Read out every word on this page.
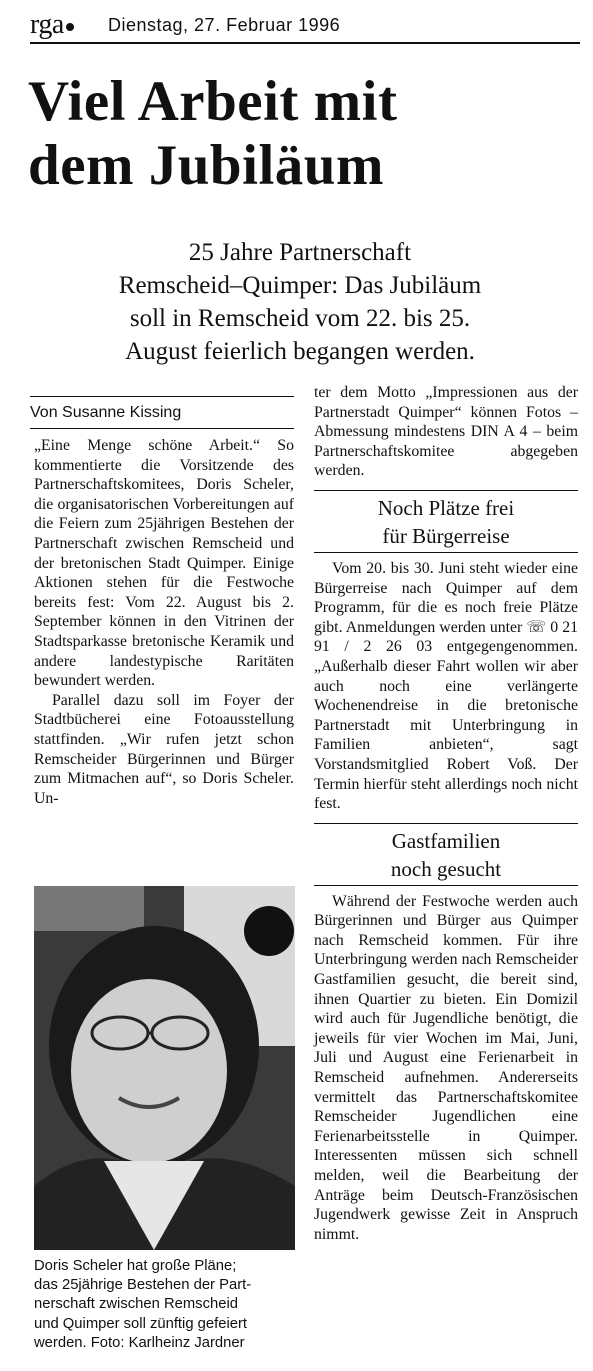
rga	Dienstag, 27. Februar 1996
Viel Arbeit mit
dem Jubiläum
25 Jahre Partnerschaft
Remscheid–Quimper: Das Jubiläum
soll in Remscheid vom 22. bis 25.
August feierlich begangen werden.
Von Susanne Kissing

„Eine Menge schöne Arbeit.“ So kommentierte die Vorsitzende des Partnerschaftskomitees, Doris Scheler, die organisatorischen Vorbereitungen auf die Feiern zum 25jährigen Bestehen der Partnerschaft zwischen Remscheid und der bretonischen Stadt Quimper. Einige Aktionen stehen für die Festwoche bereits fest: Vom 22. August bis 2. September können in den Vitrinen der Stadtsparkasse bretonische Keramik und andere landestypische Raritäten bewundert werden.

Parallel dazu soll im Foyer der Stadtbücherei eine Fotoausstellung stattfinden. „Wir rufen jetzt schon Remscheider Bürgerinnen und Bürger zum Mitmachen auf“, so Doris Scheler. Un-

Doris Scheler hat große Pläne;
das 25jährige Bestehen der Part-
nerschaft zwischen Remscheid
und Quimper soll zünftig gefeiert
werden. Foto: Karlheinz Jardner

ter dem Motto „Impressionen aus der Partnerstadt Quimper“ können Fotos – Abmessung mindestens DIN A 4 – beim Partnerschaftskomitee abgegeben werden.

Noch Plätze frei
für Bürgerreise

Vom 20. bis 30. Juni steht wieder eine Bürgerreise nach Quimper auf dem Programm, für die es noch freie Plätze gibt. Anmeldungen werden unter ☏ 0 21 91 / 2 26 03 entgegengenommen. „Außerhalb dieser Fahrt wollen wir aber auch noch eine verlängerte Wochenendreise in die bretonische Partnerstadt mit Unterbringung in Familien anbieten“, sagt Vorstandsmitglied Robert Voß. Der Termin hierfür steht allerdings noch nicht fest.

Gastfamilien
noch gesucht

Während der Festwoche werden auch Bürgerinnen und Bürger aus Quimper nach Remscheid kommen. Für ihre Unterbringung werden nach Remscheider Gastfamilien gesucht, die bereit sind, ihnen Quartier zu bieten. Ein Domizil wird auch für Jugendliche benötigt, die jeweils für vier Wochen im Mai, Juni, Juli und August eine Ferienarbeit in Remscheid aufnehmen. Andererseits vermittelt das Partnerschaftskomitee Remscheider Jugendlichen eine Ferienarbeitsstelle in Quimper. Interessenten müssen sich schnell melden, weil die Bearbeitung der Anträge beim Deutsch-Französischen Jugendwerk gewisse Zeit in Anspruch nimmt.
